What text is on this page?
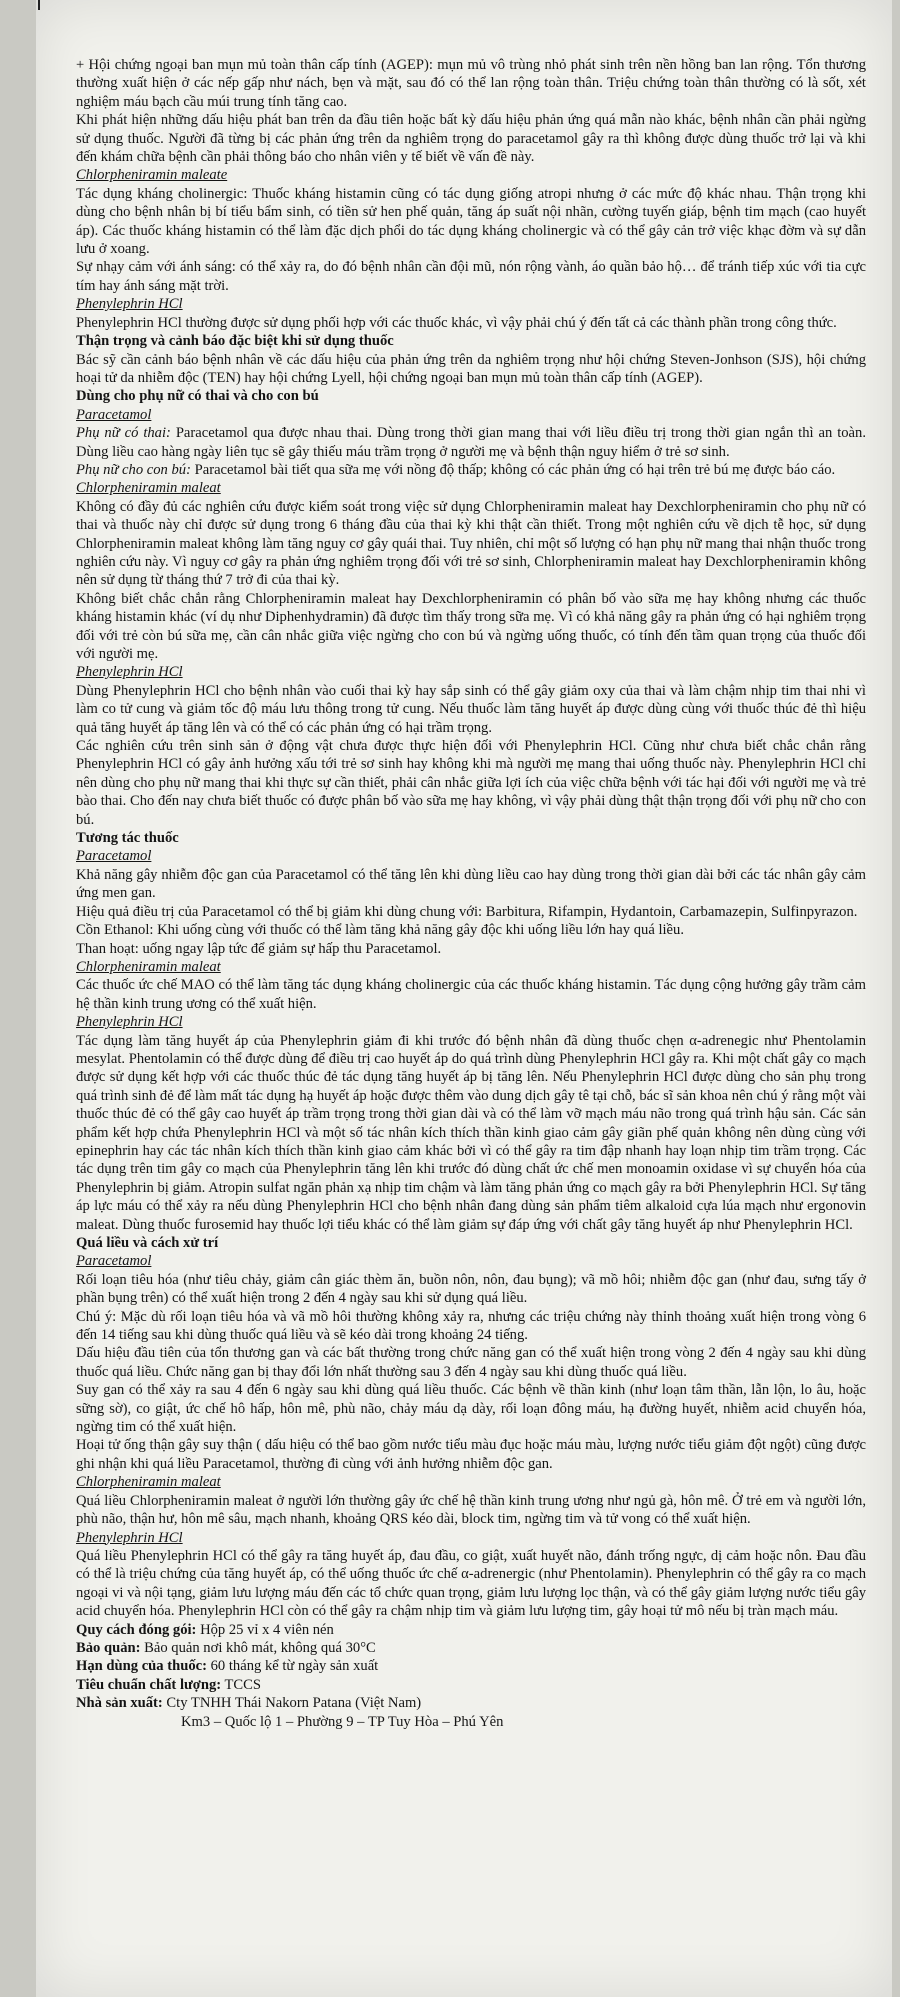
+ Hội chứng ngoại ban mụn mủ toàn thân cấp tính (AGEP): mụn mủ vô trùng nhỏ phát sinh trên nền hồng ban lan rộng. Tổn thương thường xuất hiện ở các nếp gấp như nách, bẹn và mặt, sau đó có thể lan rộng toàn thân. Triệu chứng toàn thân thường có là sốt, xét nghiệm máu bạch cầu múi trung tính tăng cao.

Khi phát hiện những dấu hiệu phát ban trên da đầu tiên hoặc bất kỳ dấu hiệu phản ứng quá mẫn nào khác, bệnh nhân cần phải ngừng sử dụng thuốc. Người đã từng bị các phản ứng trên da nghiêm trọng do paracetamol gây ra thì không được dùng thuốc trở lại và khi đến khám chữa bệnh cần phải thông báo cho nhân viên y tế biết về vấn đề này.

Chlorpheniramin maleate

Tác dụng kháng cholinergic: Thuốc kháng histamin cũng có tác dụng giống atropi nhưng ở các mức độ khác nhau. Thận trọng khi dùng cho bệnh nhân bị bí tiểu bẩm sinh, có tiền sử hen phế quản, tăng áp suất nội nhãn, cường tuyến giáp, bệnh tim mạch (cao huyết áp). Các thuốc kháng histamin có thể làm đặc dịch phổi do tác dụng kháng cholinergic và có thể gây cản trở việc khạc đờm và sự dẫn lưu ở xoang.

Sự nhạy cảm với ánh sáng: có thể xảy ra, do đó bệnh nhân cần đội mũ, nón rộng vành, áo quần bảo hộ… để tránh tiếp xúc với tia cực tím hay ánh sáng mặt trời.

Phenylephrin HCl

Phenylephrin HCl thường được sử dụng phối hợp với các thuốc khác, vì vậy phải chú ý đến tất cả các thành phần trong công thức.

Thận trọng và cảnh báo đặc biệt khi sử dụng thuốc

Bác sỹ cần cảnh báo bệnh nhân về các dấu hiệu của phản ứng trên da nghiêm trọng như hội chứng Steven-Jonhson (SJS), hội chứng hoại tử da nhiễm độc (TEN) hay hội chứng Lyell, hội chứng ngoại ban mụn mủ toàn thân cấp tính (AGEP).

Dùng cho phụ nữ có thai và cho con bú

Paracetamol

Phụ nữ có thai: Paracetamol qua được nhau thai. Dùng trong thời gian mang thai với liều điều trị trong thời gian ngắn thì an toàn. Dùng liều cao hàng ngày liên tục sẽ gây thiếu máu trầm trọng ở người mẹ và bệnh thận nguy hiểm ở trẻ sơ sinh.

Phụ nữ cho con bú: Paracetamol bài tiết qua sữa mẹ với nồng độ thấp; không có các phản ứng có hại trên trẻ bú mẹ được báo cáo.

Chlorpheniramin maleat

Không có đầy đủ các nghiên cứu được kiểm soát trong việc sử dụng Chlorpheniramin maleat hay Dexchlorpheniramin cho phụ nữ có thai và thuốc này chỉ được sử dụng trong 6 tháng đầu của thai kỳ khi thật cần thiết. Trong một nghiên cứu về dịch tễ học, sử dụng Chlorpheniramin maleat không làm tăng nguy cơ gây quái thai. Tuy nhiên, chỉ một số lượng có hạn phụ nữ mang thai nhận thuốc trong nghiên cứu này. Vì nguy cơ gây ra phản ứng nghiêm trọng đối với trẻ sơ sinh, Chlorpheniramin maleat hay Dexchlorpheniramin không nên sử dụng từ tháng thứ 7 trở đi của thai kỳ.

Không biết chắc chắn rằng Chlorpheniramin maleat hay Dexchlorpheniramin có phân bố vào sữa mẹ hay không nhưng các thuốc kháng histamin khác (ví dụ như Diphenhydramin) đã được tìm thấy trong sữa mẹ. Vì có khả năng gây ra phản ứng có hại nghiêm trọng đối với trẻ còn bú sữa mẹ, cần cân nhắc giữa việc ngừng cho con bú và ngừng uống thuốc, có tính đến tầm quan trọng của thuốc đối với người mẹ.

Phenylephrin HCl

Dùng Phenylephrin HCl cho bệnh nhân vào cuối thai kỳ hay sắp sinh có thể gây giảm oxy của thai và làm chậm nhịp tim thai nhi vì làm co tử cung và giảm tốc độ máu lưu thông trong tử cung. Nếu thuốc làm tăng huyết áp được dùng cùng với thuốc thúc đẻ thì hiệu quả tăng huyết áp tăng lên và có thể có các phản ứng có hại trầm trọng.

Các nghiên cứu trên sinh sản ở động vật chưa được thực hiện đối với Phenylephrin HCl. Cũng như chưa biết chắc chắn rằng Phenylephrin HCl có gây ảnh hưởng xấu tới trẻ sơ sinh hay không khi mà người mẹ mang thai uống thuốc này. Phenylephrin HCl chỉ nên dùng cho phụ nữ mang thai khi thực sự cần thiết, phải cân nhắc giữa lợi ích của việc chữa bệnh với tác hại đối với người mẹ và trẻ bào thai. Cho đến nay chưa biết thuốc có được phân bố vào sữa mẹ hay không, vì vậy phải dùng thật thận trọng đối với phụ nữ cho con bú.

Tương tác thuốc

Paracetamol

Khả năng gây nhiễm độc gan của Paracetamol có thể tăng lên khi dùng liều cao hay dùng trong thời gian dài bởi các tác nhân gây cảm ứng men gan.

Hiệu quả điều trị của Paracetamol có thể bị giảm khi dùng chung với: Barbitura, Rifampin, Hydantoin, Carbamazepin, Sulfinpyrazon.

Cồn Ethanol: Khi uống cùng với thuốc có thể làm tăng khả năng gây độc khi uống liều lớn hay quá liều.

Than hoạt: uống ngay lập tức để giảm sự hấp thu Paracetamol.

Chlorpheniramin maleat

Các thuốc ức chế MAO có thể làm tăng tác dụng kháng cholinergic của các thuốc kháng histamin. Tác dụng cộng hưởng gây trầm cảm hệ thần kinh trung ương có thể xuất hiện.

Phenylephrin HCl

Tác dụng làm tăng huyết áp của Phenylephrin giảm đi khi trước đó bệnh nhân đã dùng thuốc chẹn α-adrenegic như Phentolamin mesylat. Phentolamin có thể được dùng để điều trị cao huyết áp do quá trình dùng Phenylephrin HCl gây ra. Khi một chất gây co mạch được sử dụng kết hợp với các thuốc thúc đẻ tác dụng tăng huyết áp bị tăng lên. Nếu Phenylephrin HCl được dùng cho sản phụ trong quá trình sinh đẻ để làm mất tác dụng hạ huyết áp hoặc được thêm vào dung dịch gây tê tại chỗ, bác sĩ sản khoa nên chú ý rằng một vài thuốc thúc đẻ có thể gây cao huyết áp trầm trọng trong thời gian dài và có thể làm vỡ mạch máu não trong quá trình hậu sản. Các sản phẩm kết hợp chứa Phenylephrin HCl và một số tác nhân kích thích thần kinh giao cảm gây giãn phế quản không nên dùng cùng với epinephrin hay các tác nhân kích thích thần kinh giao cảm khác bởi vì có thể gây ra tim đập nhanh hay loạn nhịp tim trầm trọng. Các tác dụng trên tim gây co mạch của Phenylephrin tăng lên khi trước đó dùng chất ức chế men monoamin oxidase vì sự chuyển hóa của Phenylephrin bị giảm. Atropin sulfat ngăn phản xạ nhịp tim chậm và làm tăng phản ứng co mạch gây ra bởi Phenylephrin HCl. Sự tăng áp lực máu có thể xảy ra nếu dùng Phenylephrin HCl cho bệnh nhân đang dùng sản phẩm tiêm alkaloid cựa lúa mạch như ergonovin maleat. Dùng thuốc furosemid hay thuốc lợi tiểu khác có thể làm giảm sự đáp ứng với chất gây tăng huyết áp như Phenylephrin HCl.

Quá liều và cách xử trí

Paracetamol

Rối loạn tiêu hóa (như tiêu chảy, giảm cân giác thèm ăn, buồn nôn, nôn, đau bụng); vã mồ hôi; nhiễm độc gan (như đau, sưng tấy ở phần bụng trên) có thể xuất hiện trong 2 đến 4 ngày sau khi sử dụng quá liều.

Chú ý: Mặc dù rối loạn tiêu hóa và vã mồ hôi thường không xảy ra, nhưng các triệu chứng này thỉnh thoảng xuất hiện trong vòng 6 đến 14 tiếng sau khi dùng thuốc quá liều và sẽ kéo dài trong khoảng 24 tiếng.

Dấu hiệu đầu tiên của tổn thương gan và các bất thường trong chức năng gan có thể xuất hiện trong vòng 2 đến 4 ngày sau khi dùng thuốc quá liều. Chức năng gan bị thay đổi lớn nhất thường sau 3 đến 4 ngày sau khi dùng thuốc quá liều.

Suy gan có thể xảy ra sau 4 đến 6 ngày sau khi dùng quá liều thuốc. Các bệnh về thần kinh (như loạn tâm thần, lẫn lộn, lo âu, hoặc sững sờ), co giật, ức chế hô hấp, hôn mê, phù não, chảy máu dạ dày, rối loạn đông máu, hạ đường huyết, nhiễm acid chuyển hóa, ngừng tim có thể xuất hiện.

Hoại tử ống thận gây suy thận ( dấu hiệu có thể bao gồm nước tiểu màu đục hoặc máu màu, lượng nước tiểu giảm đột ngột) cũng được ghi nhận khi quá liều Paracetamol, thường đi cùng với ảnh hưởng nhiễm độc gan.

Chlorpheniramin maleat

Quá liều Chlorpheniramin maleat ở người lớn thường gây ức chế hệ thần kinh trung ương như ngủ gà, hôn mê. Ở trẻ em và người lớn, phù não, thận hư, hôn mê sâu, mạch nhanh, khoảng QRS kéo dài, block tim, ngừng tim và tử vong có thể xuất hiện.

Phenylephrin HCl

Quá liều Phenylephrin HCl có thể gây ra tăng huyết áp, đau đầu, co giật, xuất huyết não, đánh trống ngực, dị cảm hoặc nôn. Đau đầu có thể là triệu chứng của tăng huyết áp, có thể uống thuốc ức chế α-adrenergic (như Phentolamin). Phenylephrin có thể gây ra co mạch ngoại vi và nội tạng, giảm lưu lượng máu đến các tổ chức quan trọng, giảm lưu lượng lọc thận, và có thể gây giảm lượng nước tiểu gây acid chuyển hóa. Phenylephrin HCl còn có thể gây ra chậm nhịp tim và giảm lưu lượng tim, gây hoại tử mô nếu bị tràn mạch máu.

Quy cách đóng gói: Hộp 25 vỉ x 4 viên nén

Bảo quản: Bảo quản nơi khô mát, không quá 30°C

Hạn dùng của thuốc: 60 tháng kể từ ngày sản xuất

Tiêu chuẩn chất lượng: TCCS

Nhà sản xuất: Cty TNHH Thái Nakorn Patana (Việt Nam)

Km3 – Quốc lộ 1 – Phường 9 – TP Tuy Hòa – Phú Yên
